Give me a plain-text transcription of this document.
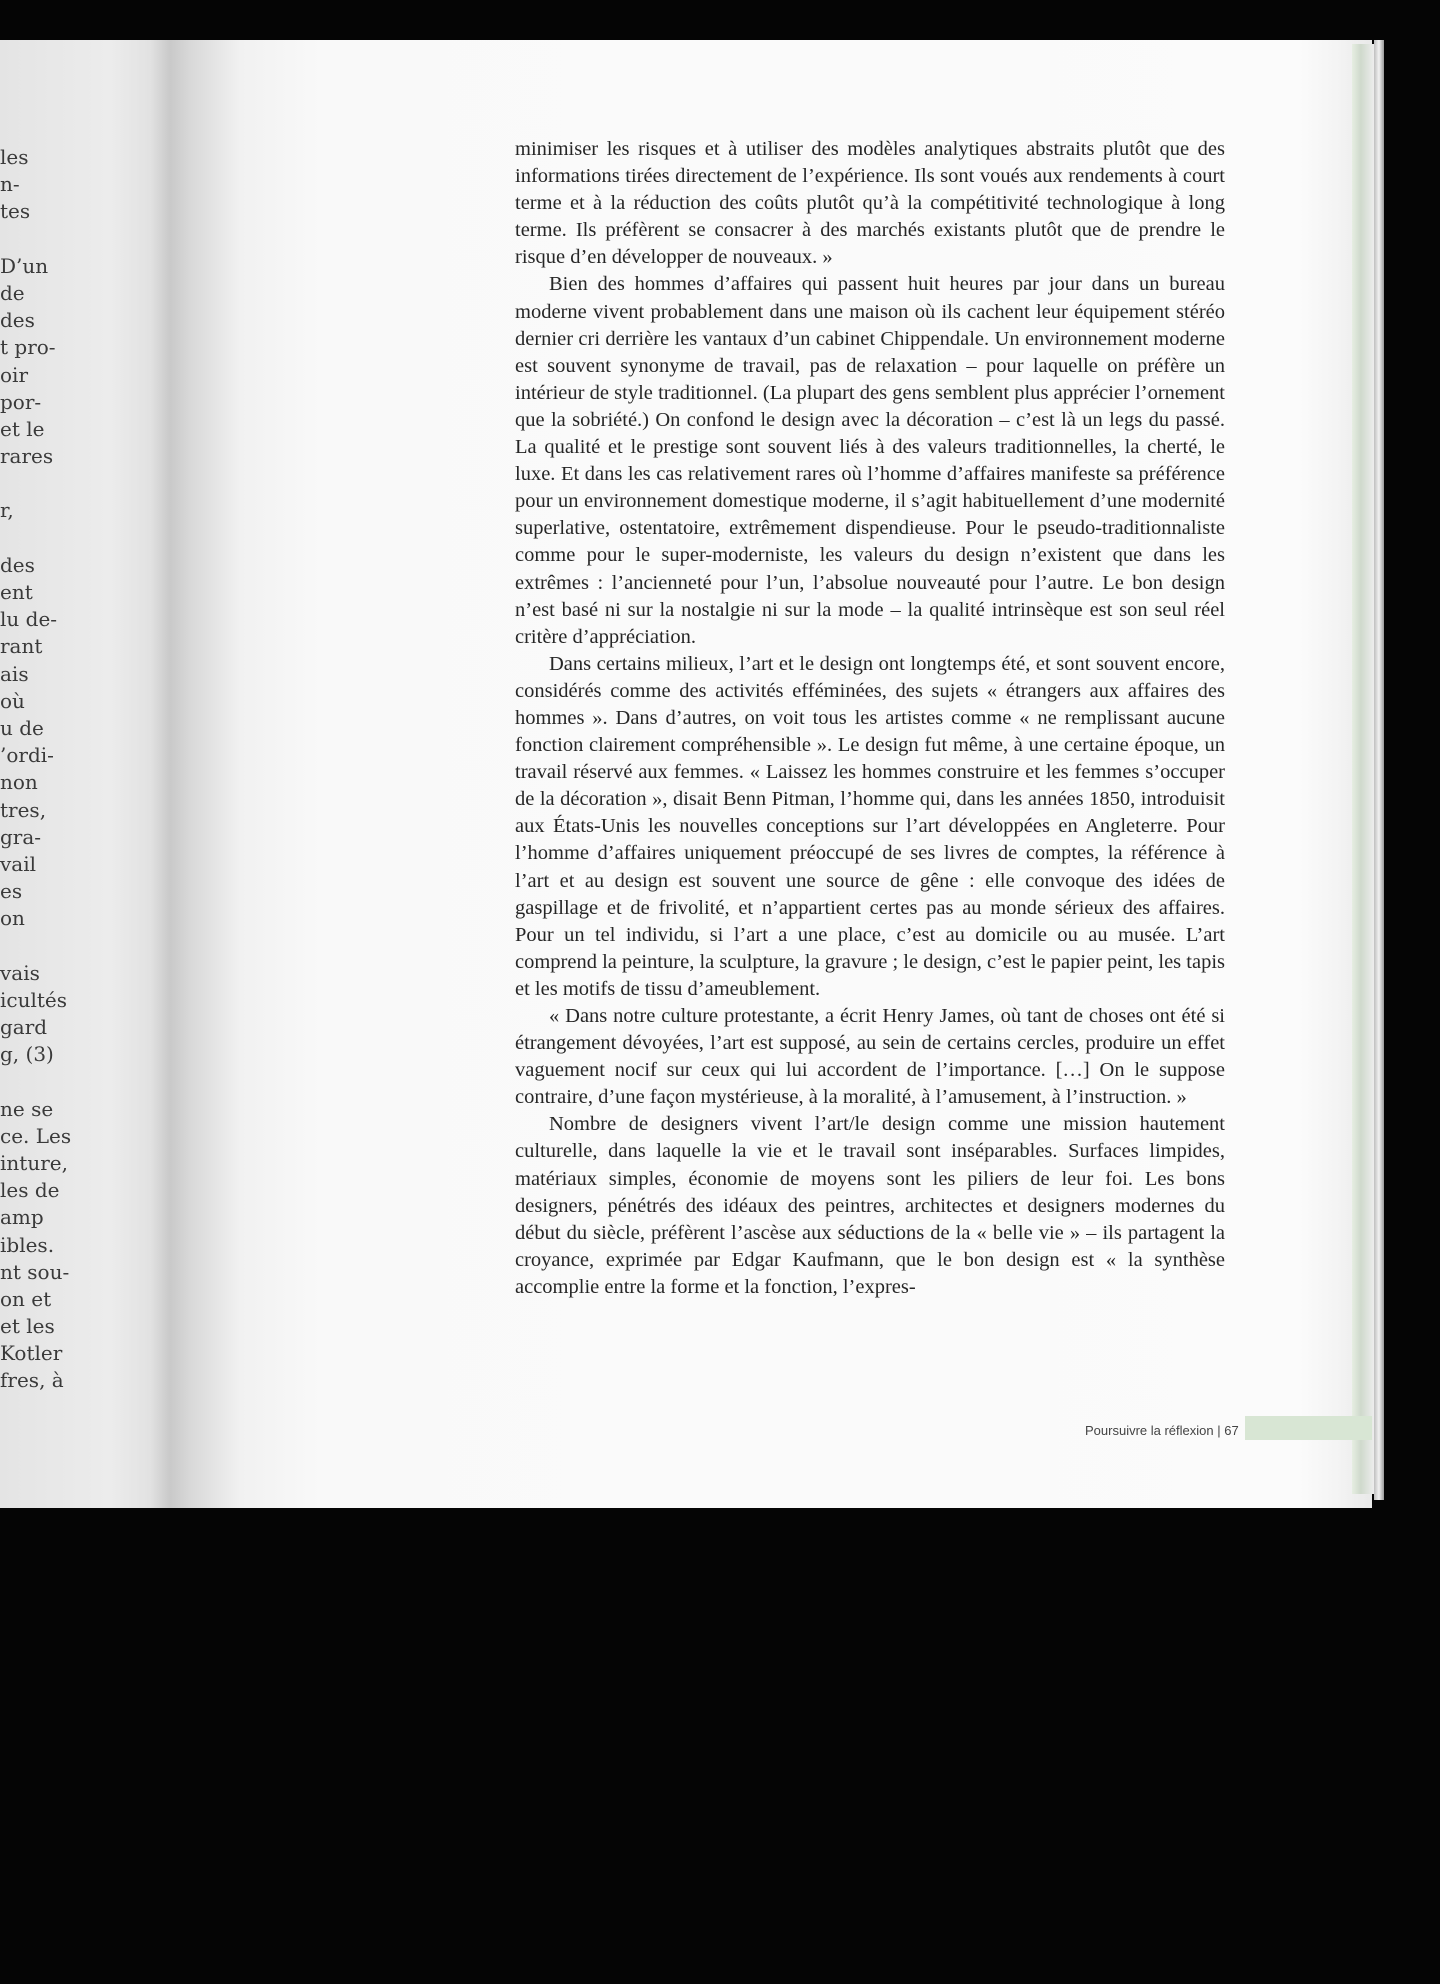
les
n-
tes
D’un
de
des
t pro-
oir
por-
et le
rares
r,
des
ent
lu de-
rant
ais
où
u de
’ordi-
non
tres,
gra-
vail
es
on
vais
icultés
gard
g, (3)
ne se
ce. Les
inture,
les de
amp
ibles.
nt sou-
on et
et les
Kotler
fres, à

minimiser les risques et à utiliser des modèles analytiques abstraits plutôt que des informations tirées directement de l’expérience. Ils sont voués aux rendements à court terme et à la réduction des coûts plutôt qu’à la compétitivité technologique à long terme. Ils préfèrent se consacrer à des marchés existants plutôt que de prendre le risque d’en développer de nouveaux. »

Bien des hommes d’affaires qui passent huit heures par jour dans un bureau moderne vivent probablement dans une maison où ils cachent leur équipement stéréo dernier cri derrière les vantaux d’un cabinet Chippendale. Un environnement moderne est souvent synonyme de travail, pas de relaxation – pour laquelle on préfère un intérieur de style traditionnel. (La plupart des gens semblent plus apprécier l’ornement que la sobriété.) On confond le design avec la décoration – c’est là un legs du passé. La qualité et le prestige sont souvent liés à des valeurs traditionnelles, la cherté, le luxe. Et dans les cas relativement rares où l’homme d’affaires manifeste sa préférence pour un environnement domestique moderne, il s’agit habituellement d’une modernité superlative, ostentatoire, extrêmement dispendieuse. Pour le pseudo-traditionnaliste comme pour le super-moderniste, les valeurs du design n’existent que dans les extrêmes : l’ancienneté pour l’un, l’absolue nouveauté pour l’autre. Le bon design n’est basé ni sur la nostalgie ni sur la mode – la qualité intrinsèque est son seul réel critère d’appréciation.

Dans certains milieux, l’art et le design ont longtemps été, et sont souvent encore, considérés comme des activités efféminées, des sujets « étrangers aux affaires des hommes ». Dans d’autres, on voit tous les artistes comme « ne remplissant aucune fonction clairement compréhensible ». Le design fut même, à une certaine époque, un travail réservé aux femmes. « Laissez les hommes construire et les femmes s’occuper de la décoration », disait Benn Pitman, l’homme qui, dans les années 1850, introduisit aux États-Unis les nouvelles conceptions sur l’art développées en Angleterre. Pour l’homme d’affaires uniquement préoccupé de ses livres de comptes, la référence à l’art et au design est souvent une source de gêne : elle convoque des idées de gaspillage et de frivolité, et n’appartient certes pas au monde sérieux des affaires. Pour un tel individu, si l’art a une place, c’est au domicile ou au musée. L’art comprend la peinture, la sculpture, la gravure ; le design, c’est le papier peint, les tapis et les motifs de tissu d’ameublement.

« Dans notre culture protestante, a écrit Henry James, où tant de choses ont été si étrangement dévoyées, l’art est supposé, au sein de certains cercles, produire un effet vaguement nocif sur ceux qui lui accordent de l’importance. […] On le suppose contraire, d’une façon mystérieuse, à la moralité, à l’amusement, à l’instruction. »

Nombre de designers vivent l’art/le design comme une mission hautement culturelle, dans laquelle la vie et le travail sont inséparables. Surfaces limpides, matériaux simples, économie de moyens sont les piliers de leur foi. Les bons designers, pénétrés des idéaux des peintres, architectes et designers modernes du début du siècle, préfèrent l’ascèse aux séductions de la « belle vie » – ils partagent la croyance, exprimée par Edgar Kaufmann, que le bon design est « la synthèse accomplie entre la forme et la fonction, l’expres-

Poursuivre la réflexion | 67
